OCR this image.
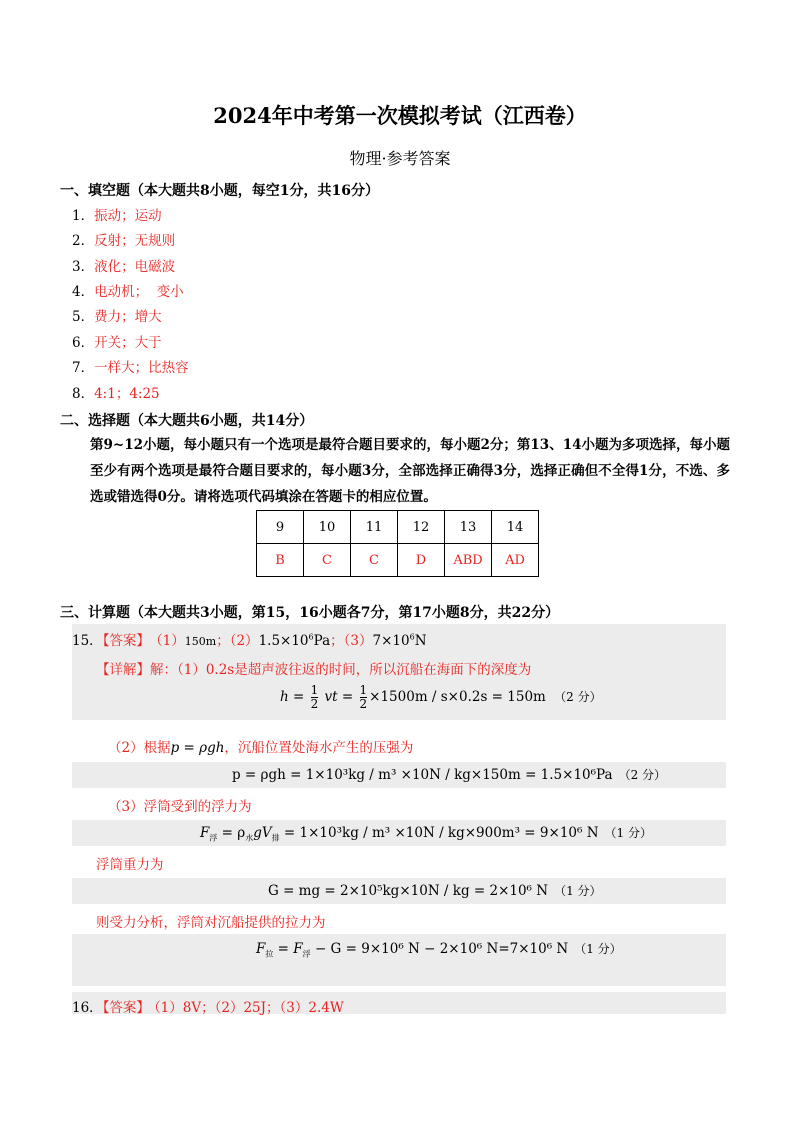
2024年中考第一次模拟考试（江西卷）
物理·参考答案
一、填空题（本大题共8小题，每空1分，共16分）
1．振动；运动
2．反射；无规则
3．液化；电磁波
4．电动机；  变小
5．费力；增大
6．开关；大于
7．一样大；比热容
8．4:1；4:25
二、选择题（本大题共6小题，共14分）
第9~12小题，每小题只有一个选项是最符合题目要求的，每小题2分；第13、14小题为多项选择，每小题至少有两个选项是最符合题目要求的，每小题3分，全部选择正确得3分，选择正确但不全得1分，不选、多选或错选得0分。请将选项代码填涂在答题卡的相应位置。
9	10	11	12	13	14
B	C	C	D	ABD	AD
三、计算题（本大题共3小题，第15，16小题各7分，第17小题8分，共22分）
15．【答案】 （1）150m；$(2)1.5\times 10^6Pa$；$(3)7\times 10^6N$
【详解】解：（1）0.2s是超声波往返的时间，所以沉船在海面下的深度为
$h = \frac{1}{2}$ vt = $\frac{1}{2} \times 1500m / s\times 0.2s = 150m$ （2 分）
（2）根据p = ρgh，沉船位置处海水产生的压强为
p = ρgh = 1×10³kg / m³ ×10N / kg×150m = 1.5×10⁶Pa （2 分）
（3）浮筒受到的浮力为
$F_浮 = \rho_水gV_排 = 1\times 10^3kg / m^3 \times 10N / kg\times 900m^3 = 9\times 10^6$ N （1 分）
浮筒重力为
G = mg = 2×10⁵kg×10N / kg = 2×10⁶ N （1 分）
则受力分析，浮筒对沉船提供的拉力为
$F_拉 = F_浮 - G = 9\times 10^6$ N − 2×10⁶ N=7×10⁶ N （1 分）
16．【答案】 （1）8V；（2）25J；（3）2.4W
